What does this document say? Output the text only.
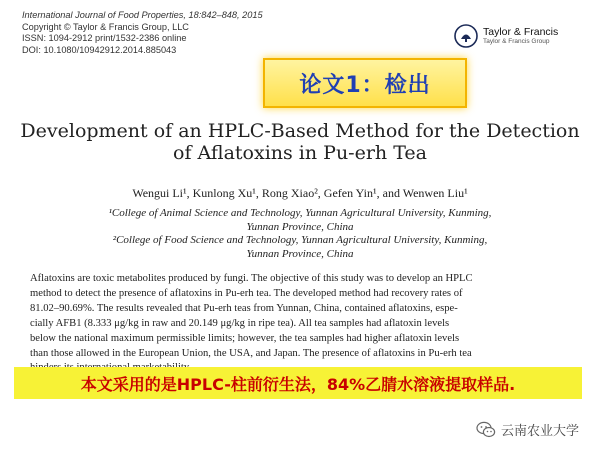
International Journal of Food Properties, 18:842–848, 2015
Copyright © Taylor & Francis Group, LLC
ISSN: 1094-2912 print/1532-2386 online
DOI: 10.1080/10942912.2014.885043
Taylor & Francis
Taylor & Francis Group
论文1：检出
Development of an HPLC-Based Method for the Detection
of Aflatoxins in Pu-erh Tea
Wengui Li¹, Kunlong Xu¹, Rong Xiao², Gefen Yin¹, and Wenwen Liu¹
¹College of Animal Science and Technology, Yunnan Agricultural University, Kunming,
Yunnan Province, China
²College of Food Science and Technology, Yunnan Agricultural University, Kunming,
Yunnan Province, China
Aflatoxins are toxic metabolites produced by fungi. The objective of this study was to develop an HPLC
method to detect the presence of aflatoxins in Pu-erh tea. The developed method had recovery rates of
81.02–90.69%. The results revealed that Pu-erh teas from Yunnan, China, contained aflatoxins, espe-
cially AFB1 (8.333 μg/kg in raw and 20.149 μg/kg in ripe tea). All tea samples had aflatoxin levels
below the national maximum permissible limits; however, the tea samples had higher aflatoxin levels
than those allowed in the European Union, the USA, and Japan. The presence of aflatoxins in Pu-erh tea
本文采用的是HPLC-柱前衍生法，84%乙腈水溶液提取样品.
云南农业大学
